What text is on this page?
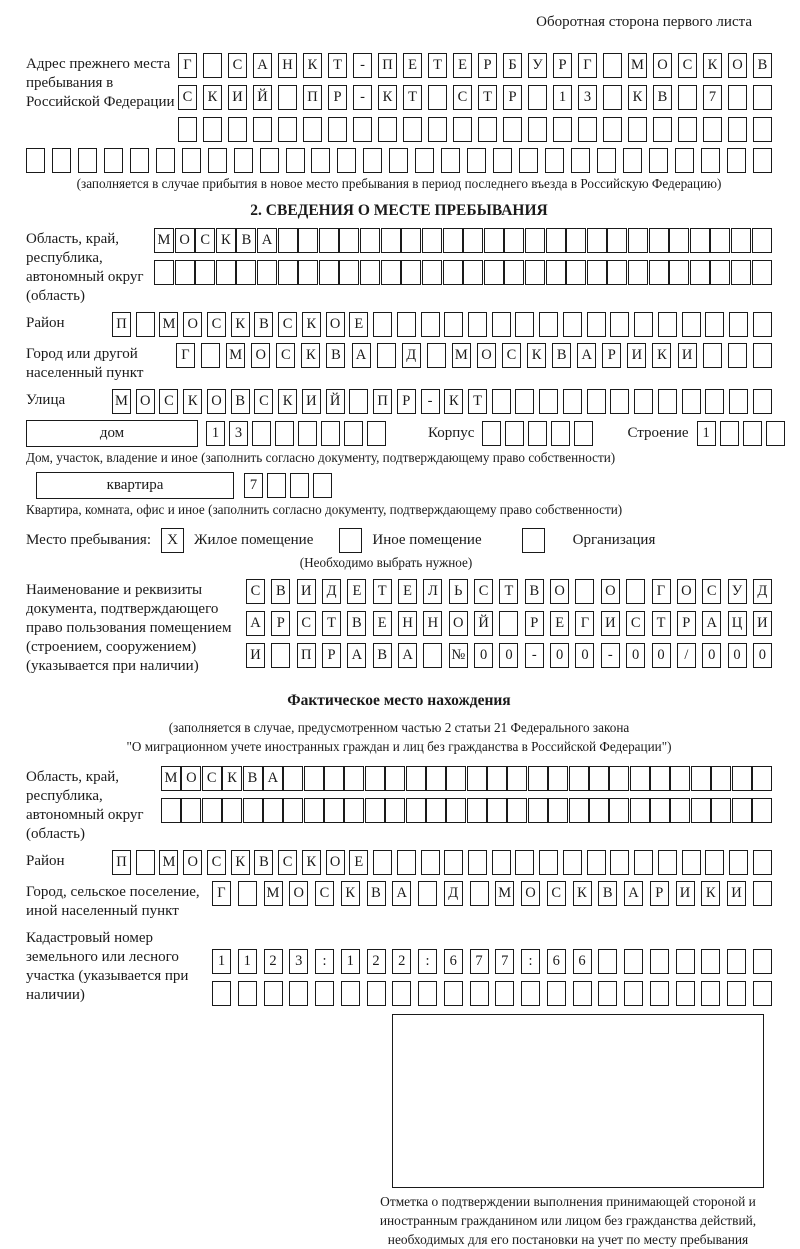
Оборотная сторона первого листа
Адрес прежнего места пребывания в Российской Федерации
Г	С	А Н	К	Т	-	П	Е	Т	Е	Р	Б	У	Р	Г	М О	С	К	О	В
С	К	И Й	П	Р	-	К	Т	С	Т	Р	1	3	К	В	7
(заполняется в случае прибытия в новое место пребывания в период последнего въезда в Российскую Федерацию)
2. СВЕДЕНИЯ О МЕСТЕ ПРЕБЫВАНИЯ
Область, край, республика, автономный округ (область)
М О С К В А
Район	П М О С К В С К О Е
Город или другой населенный пункт
Г	М О	С	К	В	А	Д	М О	С	К	В	А	Р	И	К	И
Улица	М О С К О В С К И Й	П Р	-	К Т
дом	1	3	Корпус	Строение 1
Дом, участок, владение и иное (заполнить согласно документу, подтверждающему право собственности)
квартира	7
Квартира, комната, офис и иное (заполнить согласно документу, подтверждающему право собственности)
Место пребывания:	X	Жилое помещение	Иное помещение	Организация
(Необходимо выбрать нужное)
Наименование и реквизиты документа, подтверждающего право пользования помещением (строением, сооружением) (указывается при наличии)
С	В	И	Д	Е	Т	Е	Л	Ь	С	Т	В	О	О	Г	О	С	У	Д
А	Р	С	Т	В	Е	Н Н О Й	Р	Е	Г	И	С	Т	Р	А Ц И
И	П	Р	А	В	А	№	0	0	-	0	0	-	0	0	/	0	0	0
Фактическое место нахождения
(заполняется в случае, предусмотренном частью 2 статьи 21 Федерального закона
"О миграционном учете иностранных граждан и лиц без гражданства в Российской Федерации")
Область, край, республика, автономный округ (область)
М О С К В А
Район	П М О С К В С К О Е
Город, сельское поселение, иной населенный пункт
Г	М О	С	К	В	А	Д	М О	С	К	В	А	Р	И	К	И
Кадастровый номер земельного или лесного участка (указывается при наличии)
1	1	2	3	:	1	2	2	:	6	7	7	:	6	6
Отметка о подтверждении выполнения принимающей стороной и иностранным гражданином или лицом без гражданства действий, необходимых для его постановки на учет по месту пребывания
